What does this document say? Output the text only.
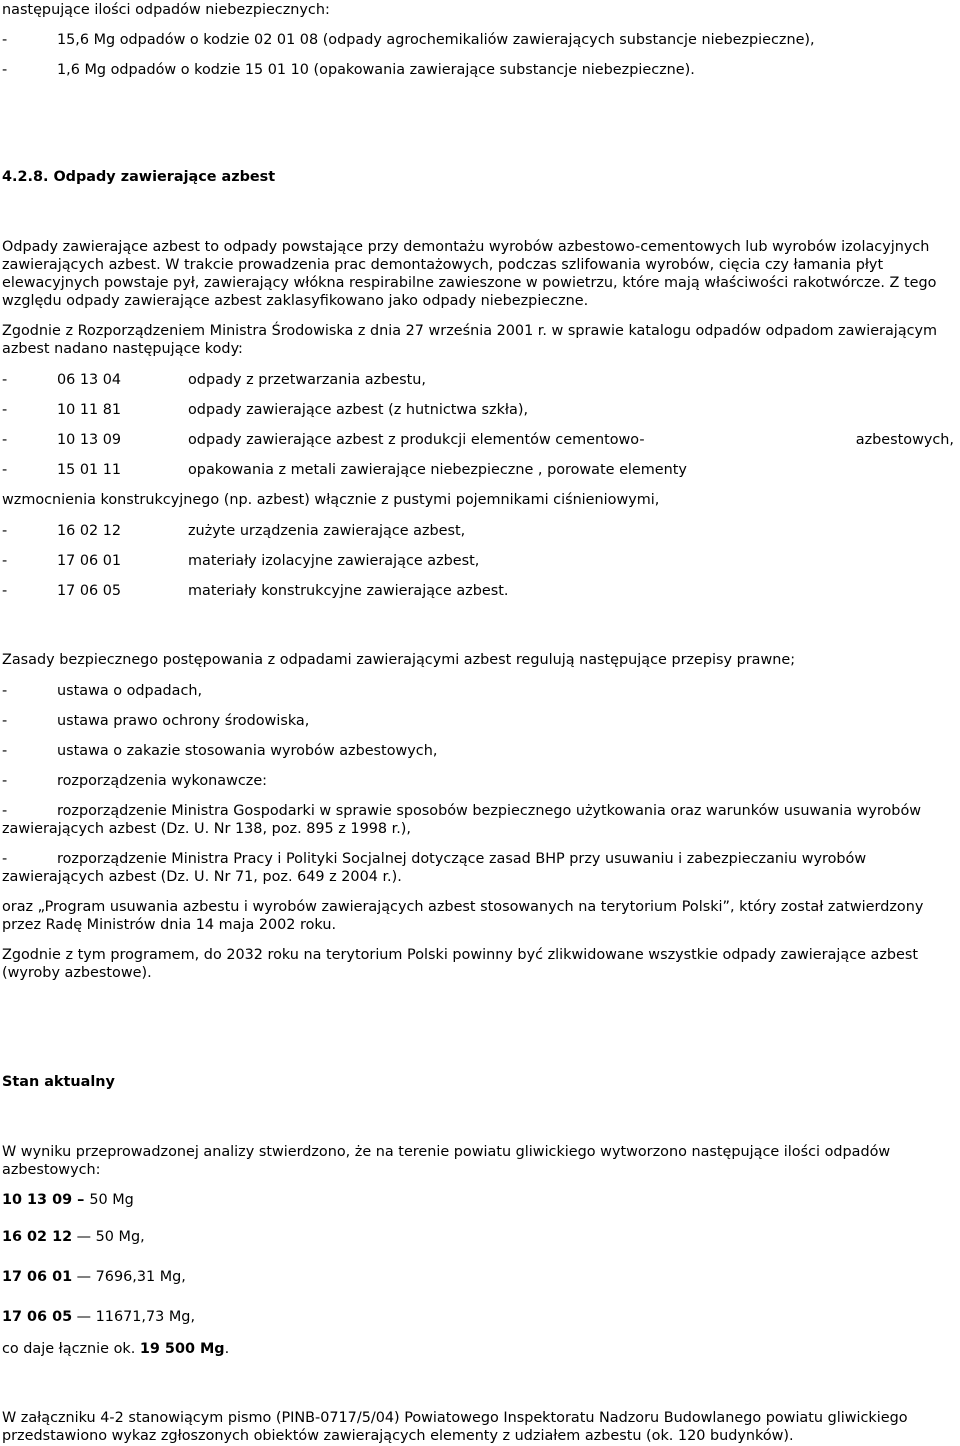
następujące ilości odpadów niebezpiecznych:
-	15,6 Mg odpadów o kodzie 02 01 08 (odpady agrochemikaliów zawierających substancje niebezpieczne),
-	1,6 Mg odpadów o kodzie 15 01 10 (opakowania zawierające substancje niebezpieczne).
4.2.8. Odpady zawierające azbest
Odpady zawierające azbest to odpady powstające przy demontażu wyrobów azbestowo-cementowych lub wyrobów izolacyjnych zawierających azbest. W trakcie prowadzenia prac demontażowych, podczas szlifowania wyrobów, cięcia czy łamania płyt elewacyjnych powstaje pył, zawierający włókna respirabilne zawieszone w powietrzu, które mają właściwości rakotwórcze. Z tego względu odpady zawierające azbest zaklasyfikowano jako odpady niebezpieczne.
Zgodnie z Rozporządzeniem Ministra Środowiska z dnia 27 września 2001 r. w sprawie katalogu odpadów odpadom zawierającym azbest nadano następujące kody:
-	06 13 04	odpady z przetwarzania azbestu,
-	10 11 81	odpady zawierające azbest (z hutnictwa szkła),
-	10 13 09	odpady zawierające azbest z produkcji elementów cementowo-	azbestowych,
-	15 01 11	opakowania z metali zawierające niebezpieczne , porowate elementy
wzmocnienia konstrukcyjnego (np. azbest) włącznie z pustymi pojemnikami ciśnieniowymi,
-	16 02 12	zużyte urządzenia zawierające azbest,
-	17 06 01	materiały izolacyjne zawierające azbest,
-	17 06 05	materiały konstrukcyjne zawierające azbest.
Zasady bezpiecznego postępowania z odpadami zawierającymi azbest regulują następujące przepisy prawne;
-	ustawa o odpadach,
-	ustawa prawo ochrony środowiska,
-	ustawa o zakazie stosowania wyrobów azbestowych,
-	rozporządzenia wykonawcze:
-	rozporządzenie Ministra Gospodarki w sprawie sposobów bezpiecznego użytkowania oraz warunków usuwania wyrobów zawierających azbest (Dz. U. Nr 138, poz. 895 z 1998 r.),
-	rozporządzenie Ministra Pracy i Polityki Socjalnej dotyczące zasad BHP przy usuwaniu i zabezpieczaniu wyrobów zawierających azbest (Dz. U. Nr 71, poz. 649 z 2004 r.).
oraz „Program usuwania azbestu i wyrobów zawierających azbest stosowanych na terytorium Polski”, który został zatwierdzony przez Radę Ministrów dnia 14 maja 2002 roku.
Zgodnie z tym programem, do 2032 roku na terytorium Polski powinny być zlikwidowane wszystkie odpady zawierające azbest (wyroby azbestowe).
Stan aktualny
W wyniku przeprowadzonej analizy stwierdzono, że na terenie powiatu gliwickiego wytworzono następujące ilości odpadów azbestowych:
10 13 09 – 50 Mg
16 02 12 — 50 Mg,
17 06 01 — 7696,31 Mg,
17 06 05 — 11671,73 Mg,
co daje łącznie ok. 19 500 Mg.
W załączniku 4-2 stanowiącym pismo (PINB-0717/5/04) Powiatowego Inspektoratu Nadzoru Budowlanego powiatu gliwickiego przedstawiono wykaz zgłoszonych obiektów zawierających elementy z udziałem azbestu (ok. 120 budynków).
